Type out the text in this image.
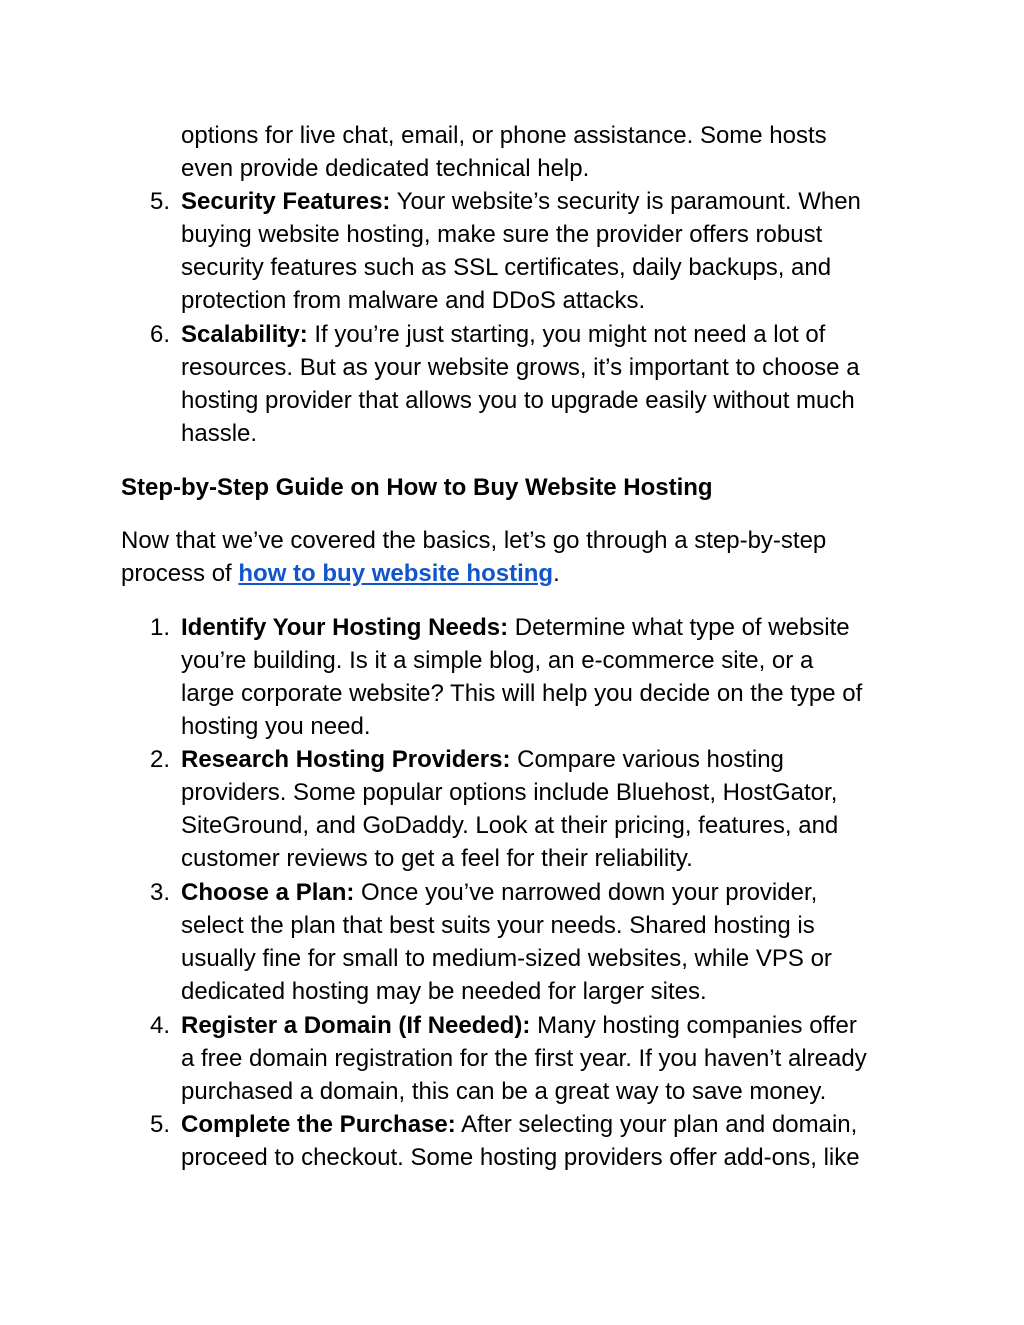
options for live chat, email, or phone assistance. Some hosts
even provide dedicated technical help.
5. Security Features: Your website’s security is paramount. When
buying website hosting, make sure the provider offers robust
security features such as SSL certificates, daily backups, and
protection from malware and DDoS attacks.
6. Scalability: If you’re just starting, you might not need a lot of
resources. But as your website grows, it’s important to choose a
hosting provider that allows you to upgrade easily without much
hassle.
Step-by-Step Guide on How to Buy Website Hosting
Now that we’ve covered the basics, let’s go through a step-by-step
process of how to buy website hosting.
1. Identify Your Hosting Needs: Determine what type of website
you’re building. Is it a simple blog, an e-commerce site, or a
large corporate website? This will help you decide on the type of
hosting you need.
2. Research Hosting Providers: Compare various hosting
providers. Some popular options include Bluehost, HostGator,
SiteGround, and GoDaddy. Look at their pricing, features, and
customer reviews to get a feel for their reliability.
3. Choose a Plan: Once you’ve narrowed down your provider,
select the plan that best suits your needs. Shared hosting is
usually fine for small to medium-sized websites, while VPS or
dedicated hosting may be needed for larger sites.
4. Register a Domain (If Needed): Many hosting companies offer
a free domain registration for the first year. If you haven’t already
purchased a domain, this can be a great way to save money.
5. Complete the Purchase: After selecting your plan and domain,
proceed to checkout. Some hosting providers offer add-ons, like
